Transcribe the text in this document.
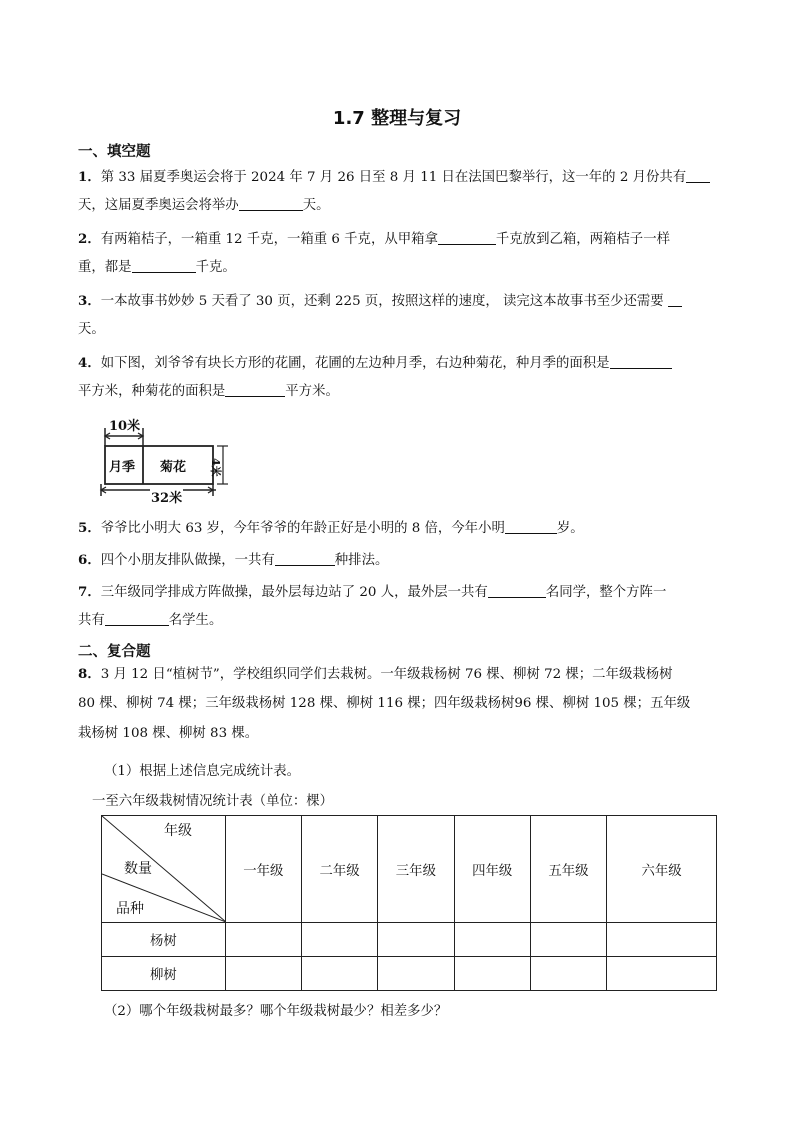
1.7 整理与复习
一、填空题
1．第 33 届夏季奥运会将于 2024 年 7 月 26 日至 8 月 11 日在法国巴黎举行，这一年的 2 月份共有
天，这届夏季奥运会将举办	天。
2．有两箱桔子，一箱重 12 千克，一箱重 6 千克，从甲箱拿	千克放到乙箱，两箱桔子一样
重，都是	千克。
3．一本故事书妙妙 5 天看了 30 页，还剩 225 页，按照这样的速度， 读完这本故事书至少还需要
天。
4．如下图，刘爷爷有块长方形的花圃，花圃的左边种月季，右边种菊花，种月季的面积是
平方米，种菊花的面积是	平方米。
10米
月季 菊花 4米
32米
5．爷爷比小明大 63 岁，今年爷爷的年龄正好是小明的 8 倍，今年小明	岁。
6．四个小朋友排队做操，一共有	种排法。
7．三年级同学排成方阵做操，最外层每边站了 20 人，最外层一共有	名同学，整个方阵一
共有	名学生。
二、复合题
8．3 月 12 日“植树节”，学校组织同学们去栽树。一年级栽杨树 76 棵、柳树 72 棵；二年级栽杨树
80 棵、柳树 74 棵；三年级栽杨树 128 棵、柳树 116 棵；四年级栽杨树96 棵、柳树 105 棵；五年级
栽杨树 108 棵、柳树 83 棵。
（1）根据上述信息完成统计表。
一至六年级栽树情况统计表（单位：棵）
年级
数量
品种	一年级	二年级	三年级	四年级	五年级	六年级
杨树						
柳树						
（2）哪个年级栽树最多？哪个年级栽树最少？相差多少？
